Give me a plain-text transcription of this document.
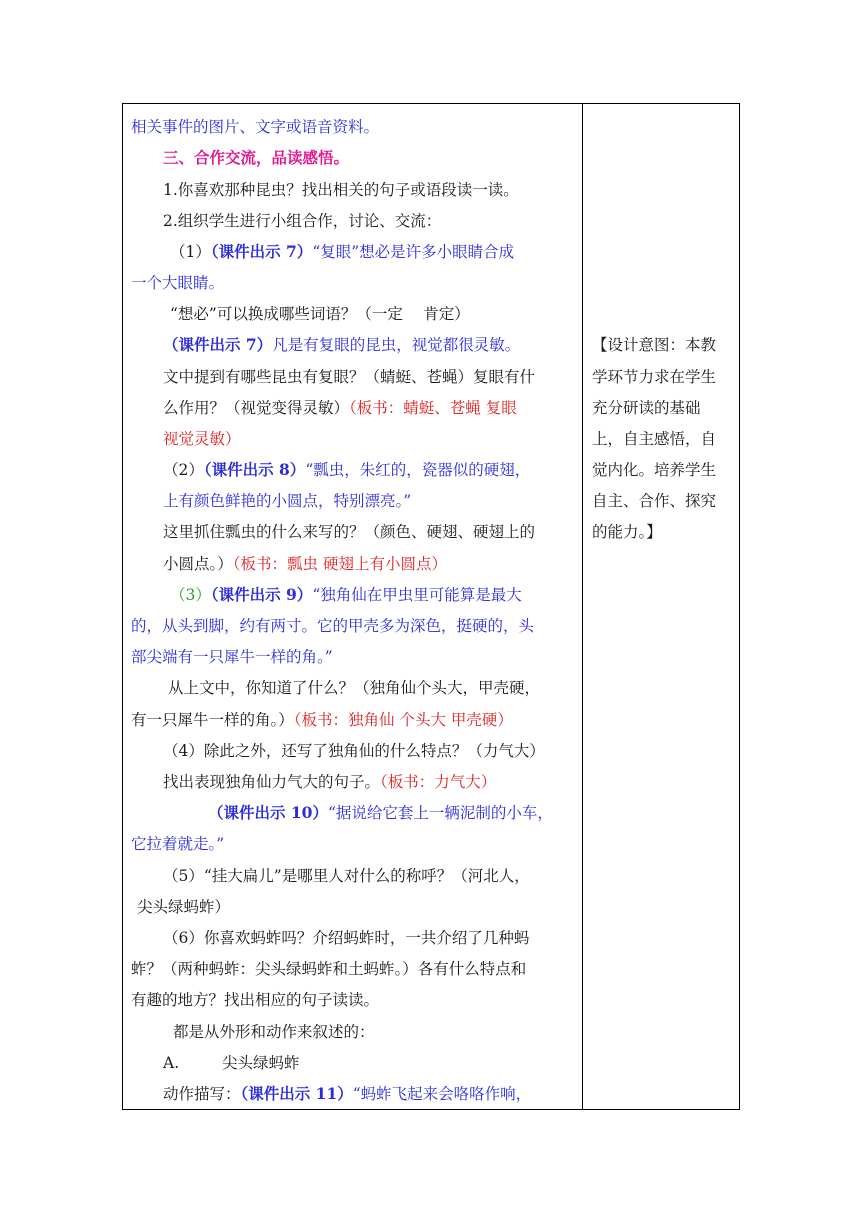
相关事件的图片、文字或语音资料。
三、合作交流，品读感悟。
1.你喜欢那种昆虫？找出相关的句子或语段读一读。
2.组织学生进行小组合作，讨论、交流：
（1）（课件出示 7）“复眼”想必是许多小眼睛合成
一个大眼睛。
“想必”可以换成哪些词语？（一定　 肯定）
（课件出示 7）凡是有复眼的昆虫，视觉都很灵敏。
文中提到有哪些昆虫有复眼？（蜻蜓、苍蝇）复眼有什
么作用？（视觉变得灵敏）（板书：蜻蜓、苍蝇 复眼
视觉灵敏）
（2）（课件出示 8）“瓢虫，朱红的，瓷器似的硬翅，
上有颜色鲜艳的小圆点，特别漂亮。”
这里抓住瓢虫的什么来写的？（颜色、硬翅、硬翅上的
小圆点。）（板书：瓢虫 硬翅上有小圆点）
（3）（课件出示 9）“独角仙在甲虫里可能算是最大
的，从头到脚，约有两寸。它的甲壳多为深色，挺硬的，头
部尖端有一只犀牛一样的角。”
从上文中，你知道了什么？（独角仙个头大，甲壳硬，
有一只犀牛一样的角。）（板书：独角仙 个头大 甲壳硬）
（4）除此之外，还写了独角仙的什么特点？（力气大）
找出表现独角仙力气大的句子。（板书：力气大）
（课件出示 10）“据说给它套上一辆泥制的小车，
它拉着就走。”
（5）“挂大扁儿”是哪里人对什么的称呼？（河北人，
尖头绿蚂蚱）
（6）你喜欢蚂蚱吗？介绍蚂蚱时，一共介绍了几种蚂
蚱？（两种蚂蚱：尖头绿蚂蚱和土蚂蚱。）各有什么特点和
有趣的地方？找出相应的句子读读。
都是从外形和动作来叙述的：
A.	尖头绿蚂蚱
动作描写：（课件出示 11）“蚂蚱飞起来会咯咯作响，
【设计意图：本教
学环节力求在学生
充分研读的基础
上，自主感悟，自
觉内化。培养学生
自主、合作、探究
的能力。】
